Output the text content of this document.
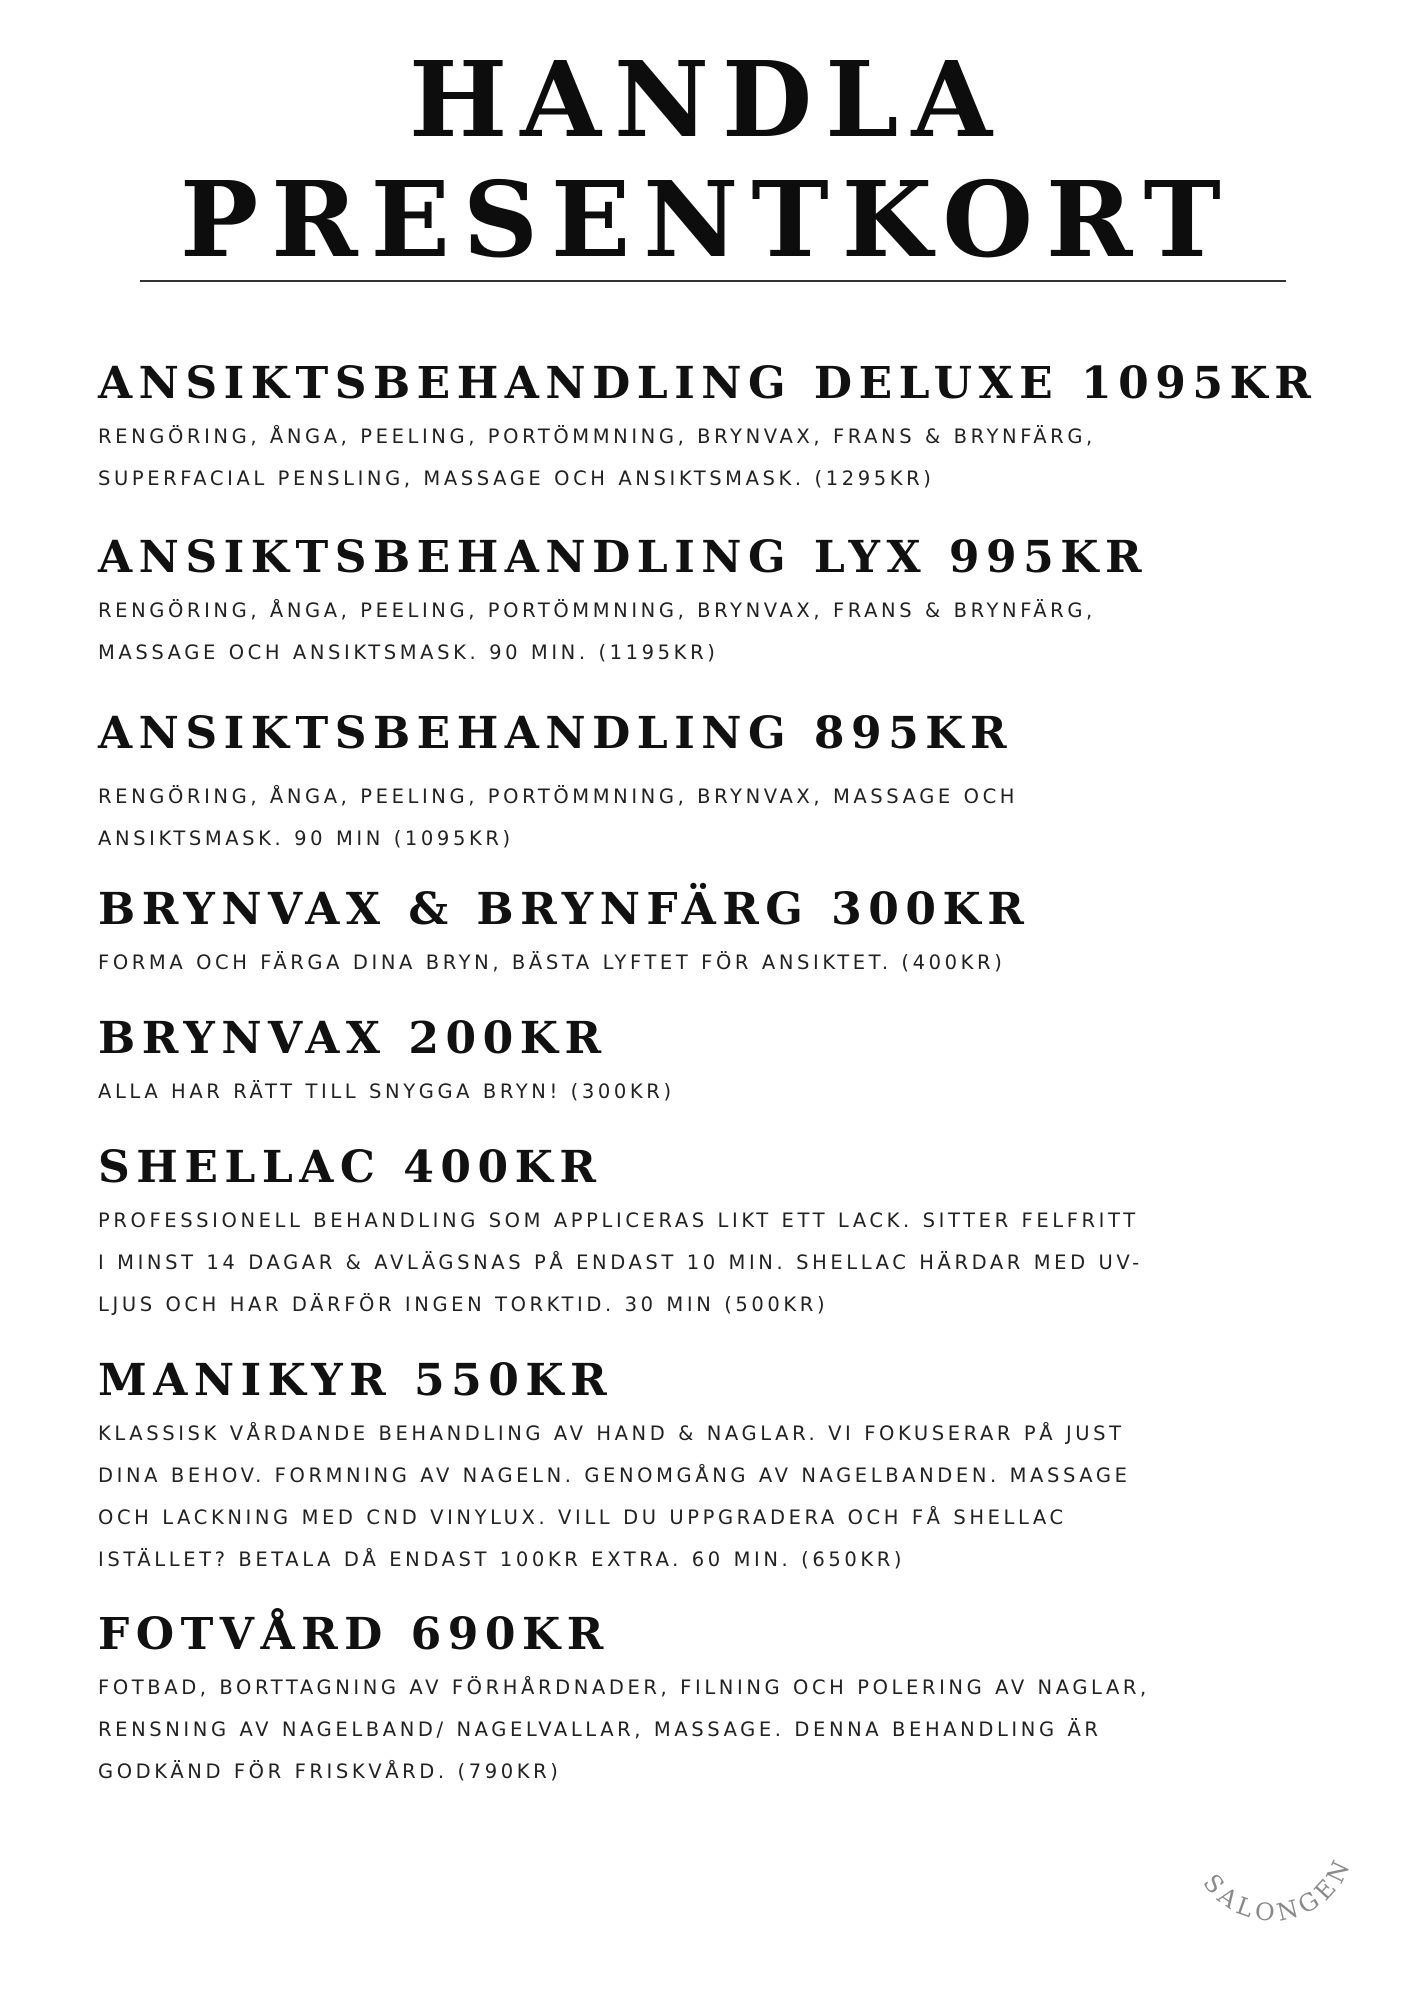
HANDLA
PRESENTKORT
ANSIKTSBEHANDLING DELUXE 1095KR
RENGÖRING, ÅNGA, PEELING, PORTÖMMNING, BRYNVAX, FRANS & BRYNFÄRG,
SUPERFACIAL PENSLING, MASSAGE OCH ANSIKTSMASK. (1295KR)
ANSIKTSBEHANDLING LYX 995KR
RENGÖRING, ÅNGA, PEELING, PORTÖMMNING, BRYNVAX, FRANS & BRYNFÄRG,
MASSAGE OCH ANSIKTSMASK. 90 MIN. (1195KR)
ANSIKTSBEHANDLING 895KR
RENGÖRING, ÅNGA, PEELING, PORTÖMMNING, BRYNVAX, MASSAGE OCH
ANSIKTSMASK. 90 MIN (1095KR)
BRYNVAX & BRYNFÄRG 300KR
FORMA OCH FÄRGA DINA BRYN, BÄSTA LYFTET FÖR ANSIKTET. (400KR)
BRYNVAX 200KR
ALLA HAR RÄTT TILL SNYGGA BRYN! (300KR)
SHELLAC 400KR
PROFESSIONELL BEHANDLING SOM APPLICERAS LIKT ETT LACK. SITTER FELFRITT
I MINST 14 DAGAR & AVLÄGSNAS PÅ ENDAST 10 MIN. SHELLAC HÄRDAR MED UV-
LJUS OCH HAR DÄRFÖR INGEN TORKTID. 30 MIN (500KR)
MANIKYR 550KR
KLASSISK VÅRDANDE BEHANDLING AV HAND & NAGLAR. VI FOKUSERAR PÅ JUST
DINA BEHOV. FORMNING AV NAGELN. GENOMGÅNG AV NAGELBANDEN. MASSAGE
OCH LACKNING MED CND VINYLUX. VILL DU UPPGRADERA OCH FÅ SHELLAC
ISTÄLLET? BETALA DÅ ENDAST 100KR EXTRA. 60 MIN. (650KR)
FOTVÅRD 690KR
FOTBAD, BORTTAGNING AV FÖRHÅRDNADER, FILNING OCH POLERING AV NAGLAR,
RENSNING AV NAGELBAND/ NAGELVALLAR, MASSAGE. DENNA BEHANDLING ÄR
GODKÄND FÖR FRISKVÅRD. (790KR)
SALONGEN
